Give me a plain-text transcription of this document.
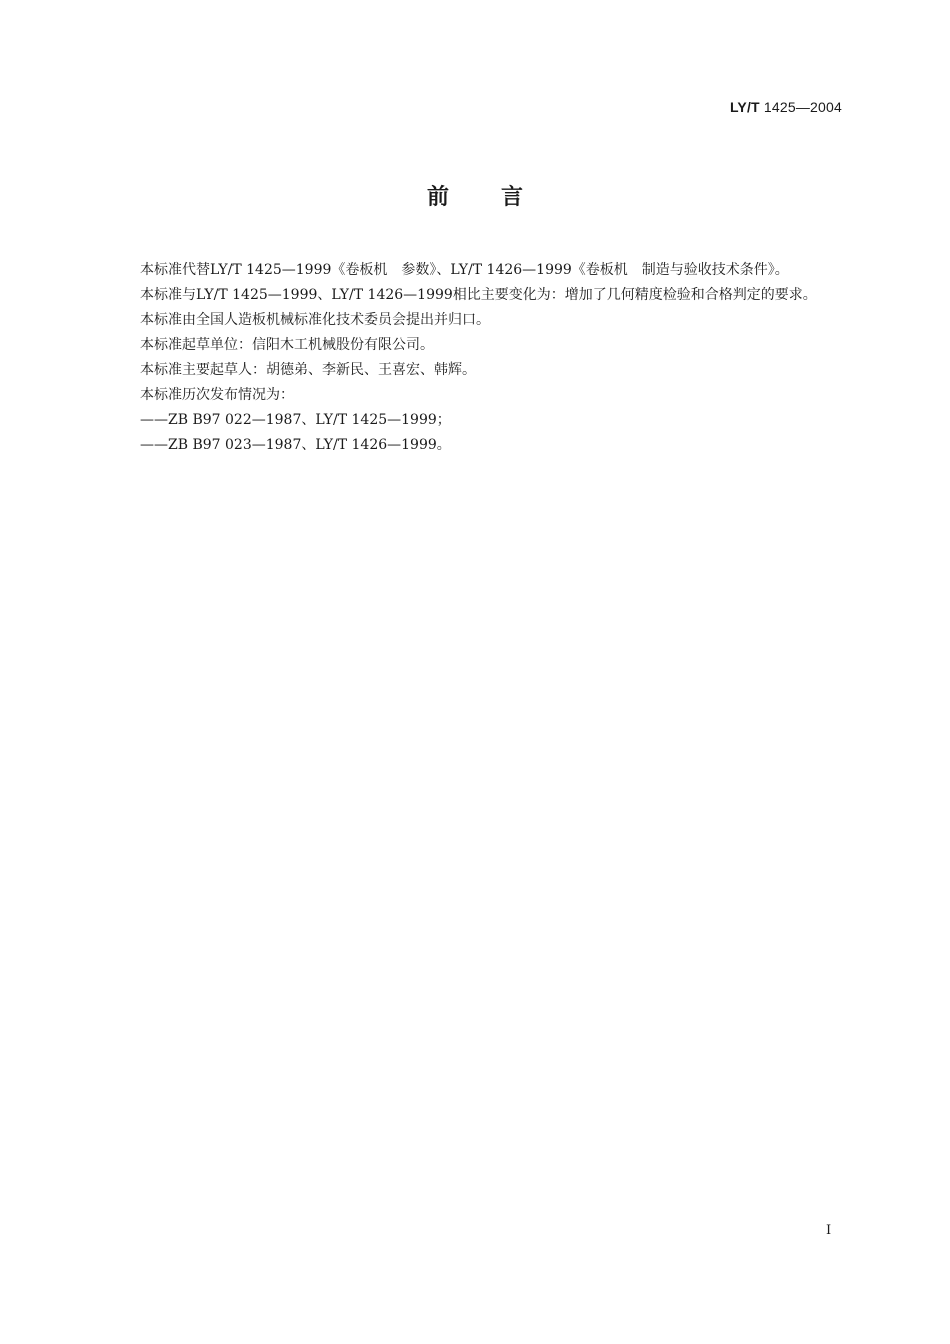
LY/T 1425—2004
前言

本标准代替LY/T 1425—1999《卷板机　参数》、LY/T 1426—1999《卷板机　制造与验收技术条件》。

本标准与LY/T 1425—1999、LY/T 1426—1999相比主要变化为：增加了几何精度检验和合格判定的要求。

本标准由全国人造板机械标准化技术委员会提出并归口。

本标准起草单位：信阳木工机械股份有限公司。

本标准主要起草人：胡德弟、李新民、王喜宏、韩辉。

本标准历次发布情况为：

——ZB B97 022—1987、LY/T 1425—1999；

——ZB B97 023—1987、LY/T 1426—1999。

I
